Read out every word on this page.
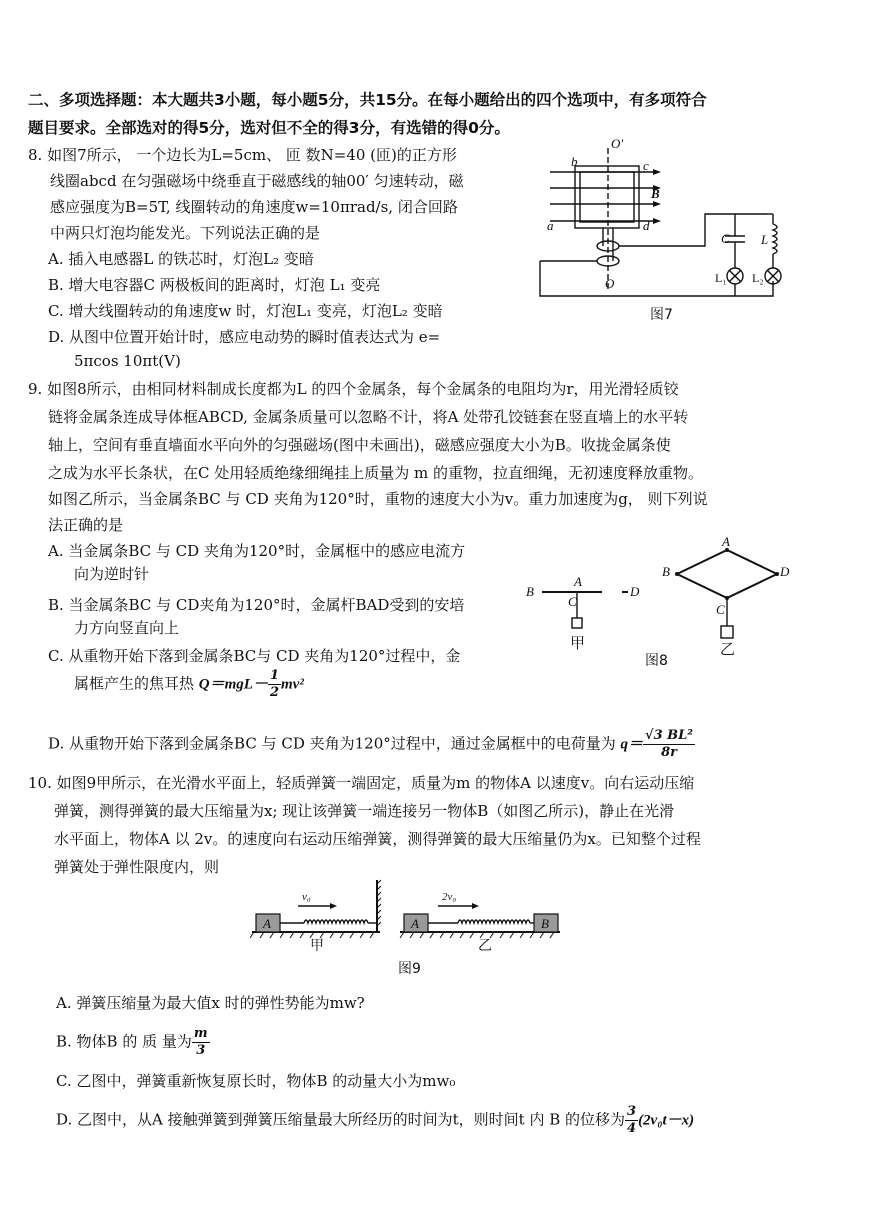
二、多项选择题：本大题共3小题，每小题5分，共15分。在每小题给出的四个选项中，有多项符合
题目要求。全部选对的得5分，选对但不全的得3分，有选错的得0分。
8. 如图7所示， 一个边长为L=5cm、 匝 数N=40 (匝)的正方形
线圈abcd 在匀强磁场中绕垂直于磁感线的轴00′ 匀速转动，磁
感应强度为B=5T, 线圈转动的角速度w=10πrad/s, 闭合回路
中两只灯泡均能发光。下列说法正确的是
A. 插入电感器L 的铁芯时，灯泡L₂ 变暗
B. 增大电容器C 两极板间的距离时，灯泡 L₁ 变亮
C. 增大线圈转动的角速度w 时，灯泡L₁ 变亮，灯泡L₂ 变暗
D. 从图中位置开始计时，感应电动势的瞬时值表达式为 e=
5πcos 10πt(V)
O′
O
b	c
B
a	d
C L
L₁ L₂
图7
9. 如图8所示，由相同材料制成长度都为L 的四个金属条，每个金属条的电阻均为r，用光滑轻质铰
链将金属条连成导体框ABCD, 金属条质量可以忽略不计，将A 处带孔饺链套在竖直墙上的水平转
轴上，空间有垂直墙面水平向外的匀强磁场(图中未画出)，磁感应强度大小为B。收拢金属条使
之成为水平长条状，在C 处用轻质绝缘细绳挂上质量为 m 的重物，拉直细绳，无初速度释放重物。
如图乙所示，当金属条BC 与 CD 夹角为120°时，重物的速度大小为v。重力加速度为g， 则下列说
法正确的是
A. 当金属条BC 与 CD 夹角为120°时，金属框中的感应电流方
向为逆时针
B. 当金属条BC 与 CD夹角为120°时，金属杆BAD受到的安培
力方向竖直向上
C. 从重物开始下落到金属条BC与 CD 夹角为120°过程中，金
属框产生的焦耳热 $Q=mgL- \frac{1}{2} mv^2$
D. 从重物开始下落到金属条BC 与 CD 夹角为120°过程中，通过金属框中的电荷量为 $q= \frac{\text{√3 BL²}}{8r}$
B
A
C
D
甲
A
B	D
C
乙
图8
10. 如图9甲所示，在光滑水平面上，轻质弹簧一端固定，质量为m 的物体A 以速度v。向右运动压缩
弹簧，测得弹簧的最大压缩量为x; 现让该弹簧一端连接另一物体B（如图乙所示)，静止在光滑
水平面上，物体A 以 2v。的速度向右运动压缩弹簧，测得弹簧的最大压缩量仍为x。已知整个过程
弹簧处于弹性限度内，则
A
v₀
甲
A
2v₀
B
乙
图9
A. 弹簧压缩量为最大值x 时的弹性势能为mw?
B. 物体B 的 质 量为 $\frac{m}{3}$
C. 乙图中，弹簧重新恢复原长时，物体B 的动量大小为mw₀
D. 乙图中，从A 接触弹簧到弹簧压缩量最大所经历的时间为t，则时间t 内 B 的位移为 $\frac{3}{4} (2v_0t-x)$
